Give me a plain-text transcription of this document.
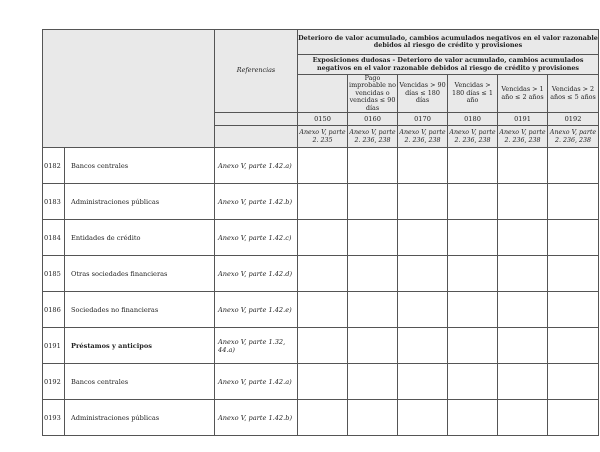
		Referencias	Deterioro de valor acumulado, cambios acumulados negativos en el valor razonable debidos al riesgo de crédito y provisiones					
			Exposiciones dudosas - Deterioro de valor acumulado, cambios acumulados negativos en el valor razonable debidos al riesgo de crédito y provisiones					
				Pago improbable no vencidas o vencidas ≤ 90 días	Vencidas > 90 días ≤ 180 días	Vencidas > 180 días ≤ 1 año	Vencidas > 1 año ≤ 2 años	Vencidas > 2 años ≤ 5 años
			0150	0160	0170	0180	0191	0192
			Anexo V, parte 2. 235	Anexo V, parte 2. 236, 238	Anexo V, parte 2. 236, 238	Anexo V, parte 2. 236, 238	Anexo V, parte 2. 236, 238	Anexo V, parte 2. 236, 238
0182	Bancos centrales	Anexo V, parte 1.42.a)						
0183	Administraciones públicas	Anexo V, parte 1.42.b)						
0184	Entidades de crédito	Anexo V, parte 1.42.c)						
0185	Otras sociedades financieras	Anexo V, parte 1.42.d)						
0186	Sociedades no financieras	Anexo V, parte 1.42.e)						
0191	Préstamos y anticipos	Anexo V, parte 1.32, 44.a)						
0192	Bancos centrales	Anexo V, parte 1.42.a)						
0193	Administraciones públicas	Anexo V, parte 1.42.b)						
